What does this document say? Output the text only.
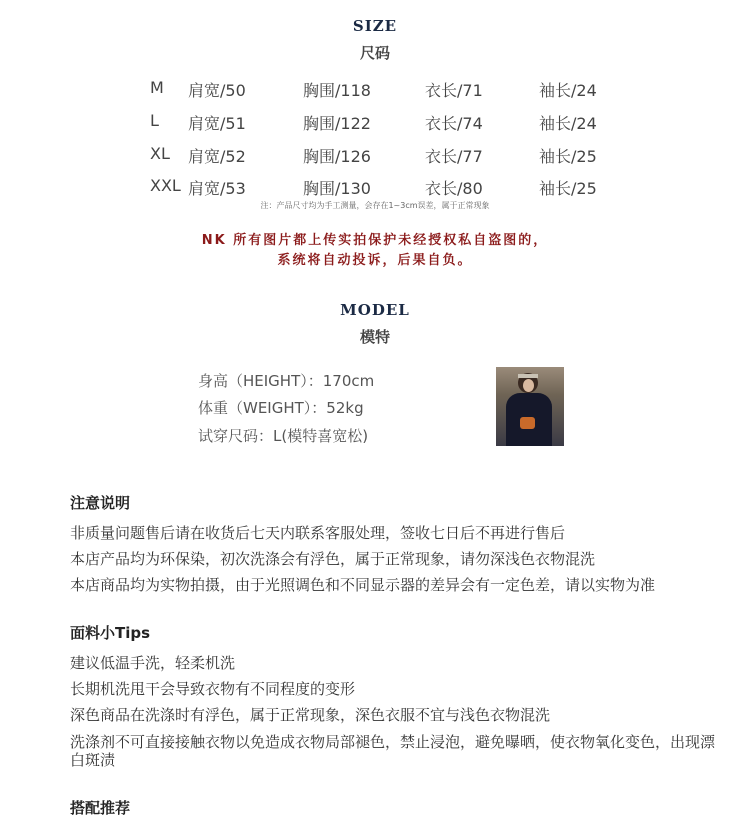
SIZE
尺码
M 肩宽/50	胸围/118	衣长/71	袖长/24
L 肩宽/51	胸围/122	衣长/74	袖长/24
XL 肩宽/52	胸围/126	衣长/77	袖长/25
XXL 肩宽/53	胸围/130	衣长/80	袖长/25
注：产品尺寸均为手工测量，会存在1~3cm误差，属于正常现象
NK 所有图片都上传实拍保护未经授权私自盗图的，
系统将自动投诉，后果自负。
MODEL
模特
身高（HEIGHT）：170cm
体重（WEIGHT）：52kg
试穿尺码：L(模特喜宽松)
注意说明
非质量问题售后请在收货后七天内联系客服处理，签收七日后不再进行售后
本店产品均为环保染，初次洗涤会有浮色，属于正常现象，请勿深浅色衣物混洗
本店商品均为实物拍摄，由于光照调色和不同显示器的差异会有一定色差，请以实物为准
面料小Tips
建议低温手洗，轻柔机洗
长期机洗甩干会导致衣物有不同程度的变形
深色商品在洗涤时有浮色，属于正常现象，深色衣服不宜与浅色衣物混洗
洗涤剂不可直接接触衣物以免造成衣物局部褪色，禁止浸泡，避免曝晒，使衣物氧化变色，出现漂白斑渍
搭配推荐
